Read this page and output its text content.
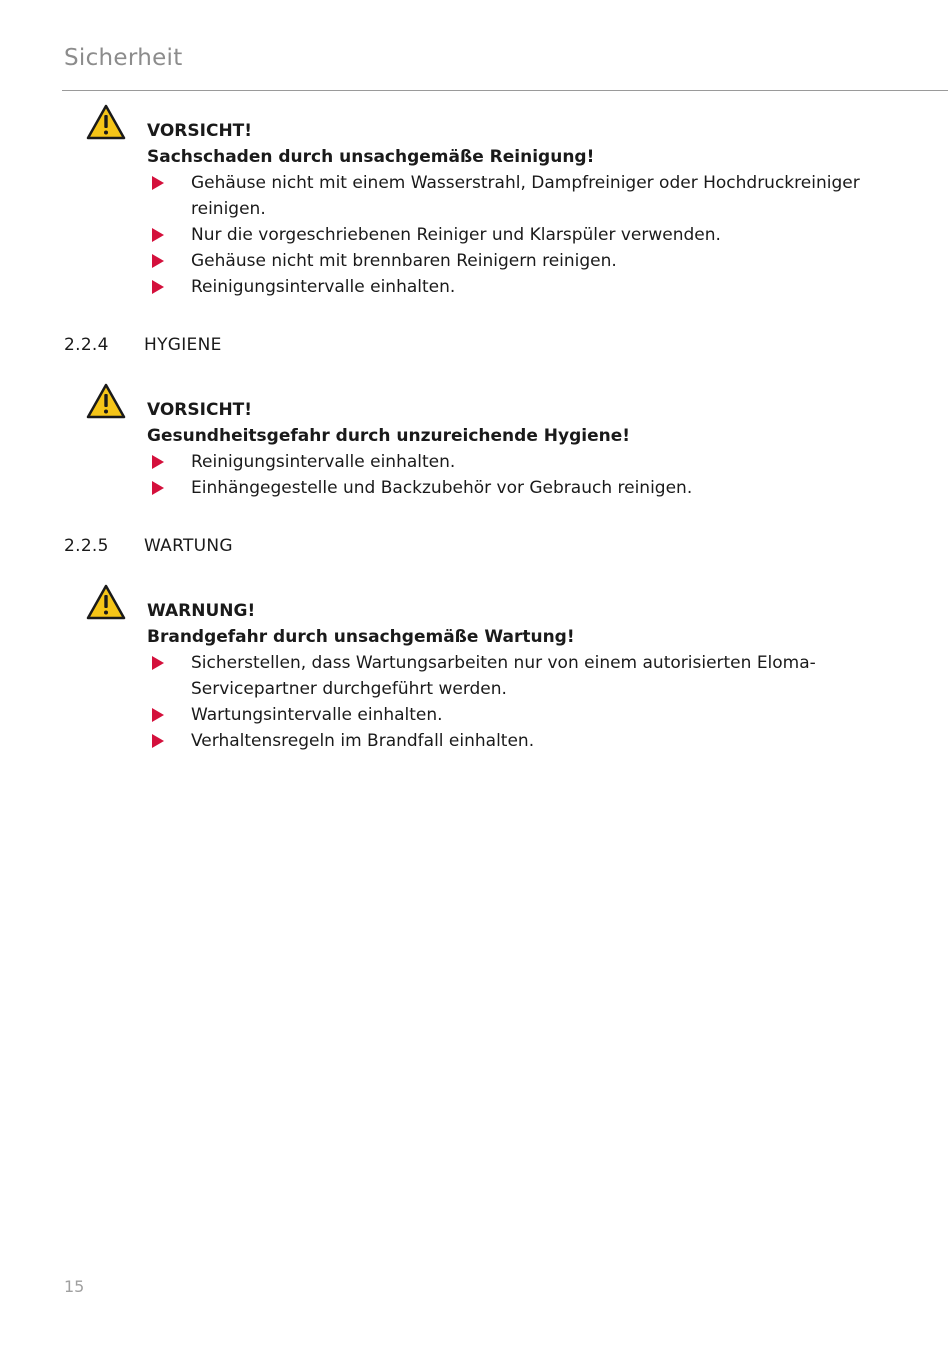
Sicherheit
VORSICHT!
Sachschaden durch unsachgemäße Reinigung!
Gehäuse nicht mit einem Wasserstrahl, Dampfreiniger oder Hochdruckreiniger reinigen.
Nur die vorgeschriebenen Reiniger und Klarspüler verwenden.
Gehäuse nicht mit brennbaren Reinigern reinigen.
Reinigungsintervalle einhalten.
2.2.4 HYGIENE
VORSICHT!
Gesundheitsgefahr durch unzureichende Hygiene!
Reinigungsintervalle einhalten.
Einhängegestelle und Backzubehör vor Gebrauch reinigen.
2.2.5 WARTUNG
WARNUNG!
Brandgefahr durch unsachgemäße Wartung!
Sicherstellen, dass Wartungsarbeiten nur von einem autorisierten Eloma-Servicepartner durchgeführt werden.
Wartungsintervalle einhalten.
Verhaltensregeln im Brandfall einhalten.
15
